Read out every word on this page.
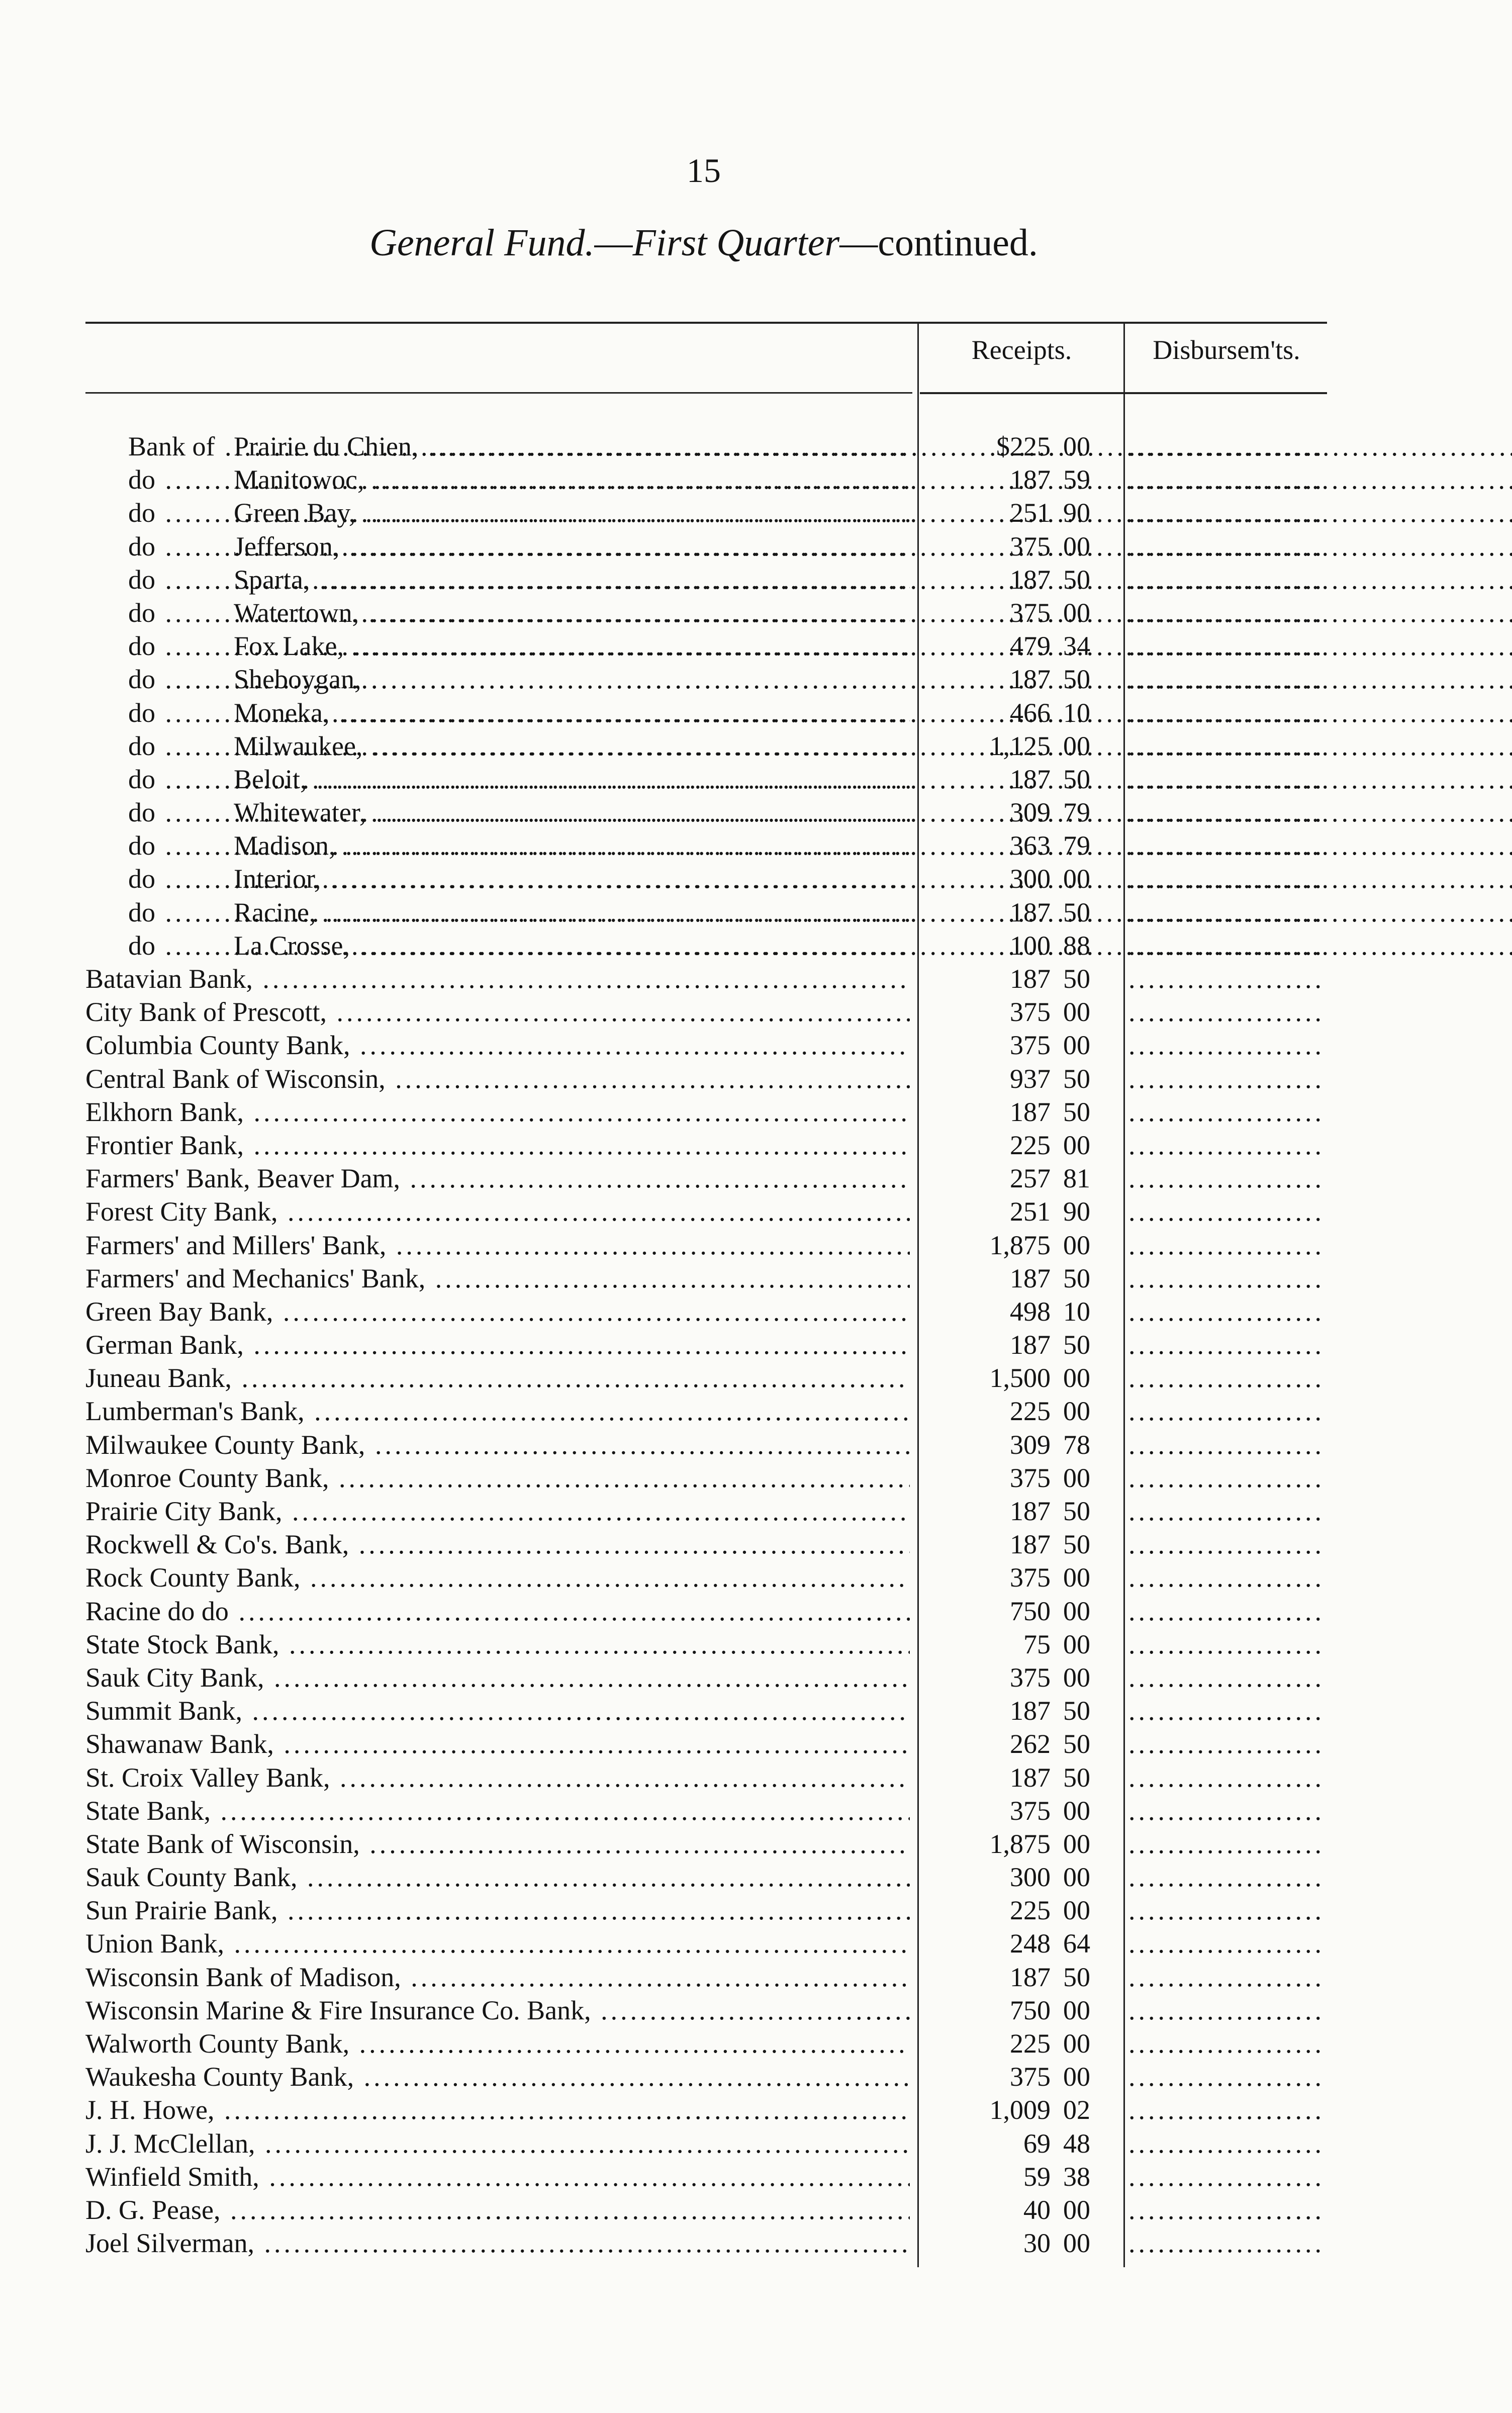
15
General Fund.—First Quarter—continued.
Receipts.	Disbursem'ts.
Bank of ..... Prairie du Chien, .....	$225 00
.....
do .....	Manitowoc, .....	187 59
.....
do .....	Green Bay, .....	251 90
.....
do .....	Jefferson, .....	375 00
.....
do .....	Sparta, .....	187 50
.....
do .....	Watertown, .....	375 00
.....
do .....	Fox Lake, .....	479 34
.....
do .....	Sheboygan, .....	187 50
.....
do .....	Moneka, .....	466 10
.....
do .....	Milwaukee, .....	1,125 00
.....
do .....	Beloit, .....	187 50
.....
do .....	Whitewater, .....	309 79
.....
do .....	Madison, .....	363 79
.....
do .....	Interior, .....	300 00
.....
do .....	Racine, .....	187 50
.....
do .....	La Crosse, .....	100 88
.....
Batavian Bank, .....	187 50
.....
City Bank of Prescott, .....	375 00
.....
Columbia County Bank, .....	375 00
.....
Central Bank of Wisconsin, .....	937 50
.....
Elkhorn Bank, .....	187 50
.....
Frontier Bank, .....	225 00
.....
Farmers' Bank, Beaver Dam, .....	257 81
.....
Forest City Bank, .....	251 90
.....
Farmers' and Millers' Bank, .....	1,875 00
.....
Farmers' and Mechanics' Bank, .....	187 50
.....
Green Bay Bank, .....	498 10
.....
German Bank, .....	187 50
.....
Juneau Bank, .....	1,500 00
.....
Lumberman's Bank, .....	225 00
.....
Milwaukee County Bank, .....	309 78
.....
Monroe County Bank, .....	375 00
.....
Prairie City Bank, .....	187 50
.....
Rockwell & Co's. Bank, .....	187 50
.....
Rock County Bank, .....	375 00
.....
Racine do do .....	750 00
.....
State Stock Bank, .....	75 00
.....
Sauk City Bank, .....	375 00
.....
Summit Bank, .....	187 50
.....
Shawanaw Bank, .....	262 50
.....
St. Croix Valley Bank, .....	187 50
.....
State Bank, .....	375 00
.....
State Bank of Wisconsin, .....	1,875 00
.....
Sauk County Bank, .....	300 00
.....
Sun Prairie Bank, .....	225 00
.....
Union Bank, .....	248 64
.....
Wisconsin Bank of Madison, .....	187 50
.....
Wisconsin Marine & Fire Insurance Co. Bank, .....	750 00
.....
Walworth County Bank, .....	225 00
.....
Waukesha County Bank, .....	375 00
.....
J. H. Howe, .....	1,009 02
.....
J. J. McClellan, .....	69 48
.....
Winfield Smith, .....	59 38
.....
D. G. Pease, .....	40 00
.....
Joel Silverman, .....	30 00
.....
